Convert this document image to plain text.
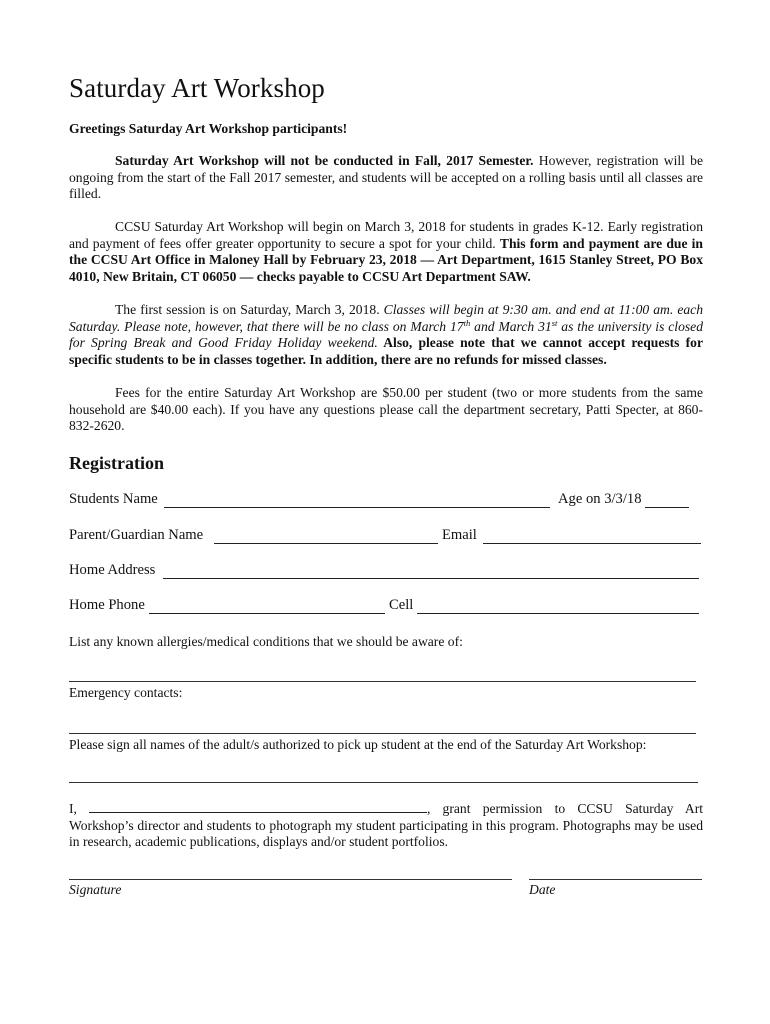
Saturday Art Workshop

Greetings Saturday Art Workshop participants!

Saturday Art Workshop will not be conducted in Fall, 2017 Semester. However, registration will be ongoing from the start of the Fall 2017 semester, and students will be accepted on a rolling basis until all classes are filled.

CCSU Saturday Art Workshop will begin on March 3, 2018 for students in grades K-12. Early registration and payment of fees offer greater opportunity to secure a spot for your child. This form and payment are due in the CCSU Art Office in Maloney Hall by February 23, 2018 — Art Department, 1615 Stanley Street, PO Box 4010, New Britain, CT 06050 — checks payable to CCSU Art Department SAW.

The first session is on Saturday, March 3, 2018. Classes will begin at 9:30 am. and end at 11:00 am. each Saturday. Please note, however, that there will be no class on March 17th and March 31st as the university is closed for Spring Break and Good Friday Holiday weekend. Also, please note that we cannot accept requests for specific students to be in classes together. In addition, there are no refunds for missed classes.

Fees for the entire Saturday Art Workshop are $50.00 per student (two or more students from the same household are $40.00 each). If you have any questions please call the department secretary, Patti Specter, at 860-832-2620.

Registration
Students Name	Age on 3/3/18
Parent/Guardian Name	Email
Home Address
Home Phone	Cell
List any known allergies/medical conditions that we should be aware of:
Emergency contacts:
Please sign all names of the adult/s authorized to pick up student at the end of the Saturday Art Workshop:

I,	, grant permission to CCSU Saturday Art Workshop’s director and students to photograph my student participating in this program. Photographs may be used in research, academic publications, displays and/or student portfolios.

Signature	Date
